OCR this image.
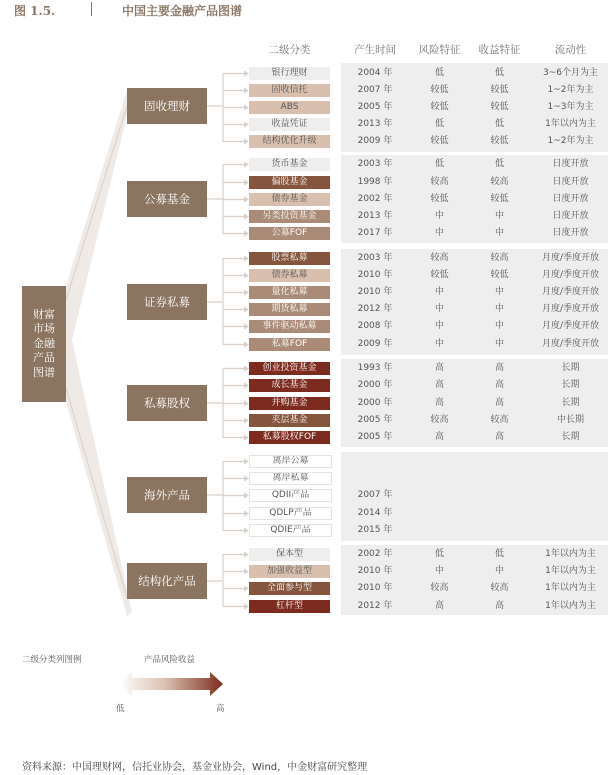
图 1.5.	中国主要金融产品图谱
二级分类	产生时间	风险特征	收益特征	流动性
固收理财
银行理财	2004 年	低	低	3~6个月为主
固收信托	2007 年	较低	较低	1~2年为主
ABS	2005 年	较低	较低	1~3年为主
收益凭证	2013 年	低	低	1年以内为主
结构优化升级	2009 年	较低	较低	1~2年为主
公募基金
货币基金	2003 年	低	低	日度开放
偏股基金	1998 年	较高	较高	日度开放
债券基金	2002 年	较低	较低	日度开放
另类投资基金	2013 年	中	中	日度开放
公募FOF	2017 年	中	中	日度开放
证券私募
股票私募	2003 年	较高	较高	月度/季度开放
债券私募	2010 年	较低	较低	月度/季度开放
量化私募	2010 年	中	中	月度/季度开放
期货私募	2012 年	中	中	月度/季度开放
事件驱动私募	2008 年	中	中	月度/季度开放
私募FOF	2009 年	中	中	月度/季度开放
私募股权
创业投资基金	1993 年	高	高	长期
成长基金	2000 年	高	高	长期
并购基金	2000 年	高	高	长期
夹层基金	2005 年	较高	较高	中长期
私募股权FOF	2005 年	高	高	长期
海外产品
离岸公募
离岸私募
QDII产品	2007 年
QDLP产品	2014 年
QDIE产品	2015 年
结构化产品
保本型	2002 年	低	低	1年以内为主
加强收益型	2010 年	中	中	1年以内为主
全面参与型	2010 年	较高	较高	1年以内为主
杠杆型	2012 年	高	高	1年以内为主
财富市场金融产品图谱
二级分类列图例	产品风险收益
低	高
资料来源：中国理财网，信托业协会，基金业协会，Wind，中金财富研究整理
